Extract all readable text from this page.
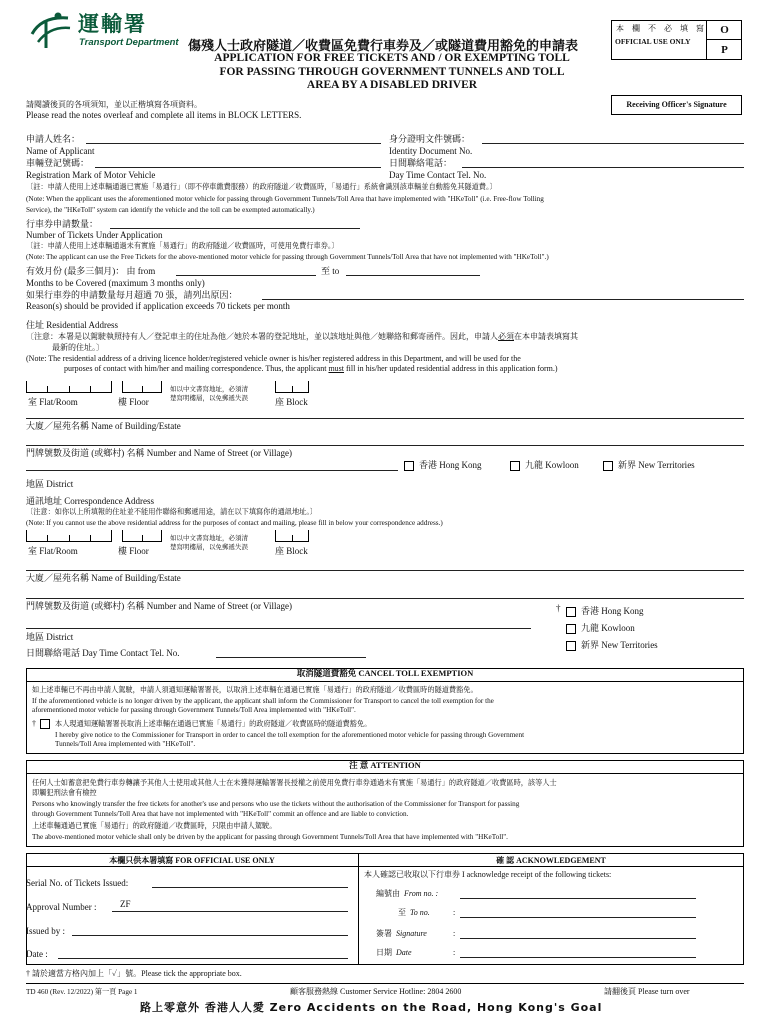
運輸署
Transport Department 傷殘人士政府隧道／收費區免費行車券及／或隧道費用豁免的申請表
APPLICATION FOR FREE TICKETS AND / OR EXEMPTING TOLL
FOR PASSING THROUGH GOVERNMENT TUNNELS AND TOLL
AREA BY A DISABLED DRIVER
本 欄 不 必 填 寫
OFFICIAL USE ONLY
O
P
Receiving Officer's Signature
請閱讀後頁的各項須知，並以正楷填寫各項資料。
Please read the notes overleaf and complete all items in BLOCK LETTERS.
申請人姓名：
Name of Applicant
身分證明文件號碼：
Identity Document No.
車輛登記號碼：
Registration Mark of Motor Vehicle
日間聯絡電話：
Day Time Contact Tel. No.
〔註：申請人使用上述車輛通過已實施「易通行」（即不停車繳費服務）的政府隧道／收費區時，「易通行」系統會識別該車輛並自動豁免其隧道費。〕
(Note: When the applicant uses the aforementioned motor vehicle for passing through Government Tunnels/Toll Area that have implemented with "HKeToll" (i.e. Free-flow Tolling
Service), the "HKeToll" system can identify the vehicle and the toll can be exempted automatically.)
行車券申請數量：
Number of Tickets Under Application
〔註：申請人使用上述車輛通過未有實施「易通行」的政府隧道／收費區時，可使用免費行車券。〕
(Note: The applicant can use the Free Tickets for the above-mentioned motor vehicle for passing through Government Tunnels/Toll Area that have not implemented with "HKeToll".)
有效月份 (最多三個月)： 由 from	至 to
Months to be Covered (maximum 3 months only)
如果行車券的申請數量每月超過 70 張，請列出原因：
Reason(s) should be provided if application exceeds 70 tickets per month
住址 Residential Address
〔注意：本署是以駕駛執照持有人／登記車主的住址為他／她於本署的登記地址，並以該地址與他／她聯絡和郵寄函件。因此，申請人必須在本申請表填寫其
最新的住址。〕
(Note: The residential address of a driving licence holder/registered vehicle owner is his/her registered address in this Department, and will be used for the
purposes of contact with him/her and mailing correspondence. Thus, the applicant must fill in his/her updated residential address in this application form.)
室 Flat/Room	樓 Floor
如以中文書寫地址，必須清
楚寫明樓層，以免郵遞失誤	座 Block
大廈／屋苑名稱 Name of Building/Estate
門牌號數及街道 (或鄉村) 名稱 Number and Name of Street (or Village)
香港 Hong Kong	九龍 Kowloon	新界 New Territories
地區 District
通訊地址 Correspondence Address
〔注意：如你以上所填報的住址並不能用作聯絡和郵遞用途，請在以下填寫你的通訊地址。〕
(Note: If you cannot use the above residential address for the purposes of contact and mailing, please fill in below your correspondence address.)
室 Flat/Room	樓 Floor
如以中文書寫地址，必須清
楚寫明樓層，以免郵遞失誤	座 Block
大廈／屋苑名稱 Name of Building/Estate
門牌號數及街道 (或鄉村) 名稱 Number and Name of Street (or Village)	†	香港 Hong Kong
九龍 Kowloon
新界 New Territories
地區 District
日間聯絡電話 Day Time Contact Tel. No.
取消隧道費豁免 CANCEL TOLL EXEMPTION
如上述車輛已不再由申請人駕駛，申請人須通知運輸署署長，以取消上述車輛在通過已實施「易通行」的政府隧道／收費區時的隧道費豁免。
If the aforementioned vehicle is no longer driven by the applicant, the applicant shall inform the Commissioner for Transport to cancel the toll exemption for the
aforementioned motor vehicle for passing through Government Tunnels/Toll Area implemented with "HKeToll".
†	本人現通知運輸署署長取消上述車輛在通過已實施「易通行」的政府隧道／收費區時的隧道費豁免。
I hereby give notice to the Commissioner for Transport in order to cancel the toll exemption for the aforementioned motor vehicle for passing through Government
Tunnels/Toll Area implemented with "HKeToll".
注 意 ATTENTION
任何人士如蓄意把免費行車券轉讓予其他人士使用或其他人士在未獲得運輸署署長授權之前使用免費行車券通過未有實施「易通行」的政府隧道／收費區時，該等人士
即觸犯刑法會有檢控
Persons who knowingly transfer the free tickets for another's use and persons who use the tickets without the authorisation of the Commissioner for Transport for passing
through Government Tunnels/Toll Area that have not implemented with "HKeToll" commit an offence and are liable to conviction.
上述車輛通過已實施「易通行」的政府隧道／收費區時，只限由申請人駕駛。
The above-mentioned motor vehicle shall only be driven by the applicant for passing through Government Tunnels/Toll Area that have implemented with "HKeToll".
本欄只供本署填寫 FOR OFFICIAL USE ONLY	確 認 ACKNOWLEDGEMENT
Serial No. of Tickets Issued:
Approval Number :	ZF
Issued by :
Date :
本人確認已收取以下行車券 I acknowledge receipt of the following tickets:
編號由 From no. :
至 To no.	:
簽署 Signature	:
日期 Date	:
† 請於適當方格內加上「✓」號。Please tick the appropriate box.
TD 460 (Rev. 12/2022) 第一頁 Page 1	顧客服務熱線 Customer Service Hotline: 2804 2600	請翻後頁 Please turn over
路上零意外 香港人人愛 Zero Accidents on the Road, Hong Kong's Goal
